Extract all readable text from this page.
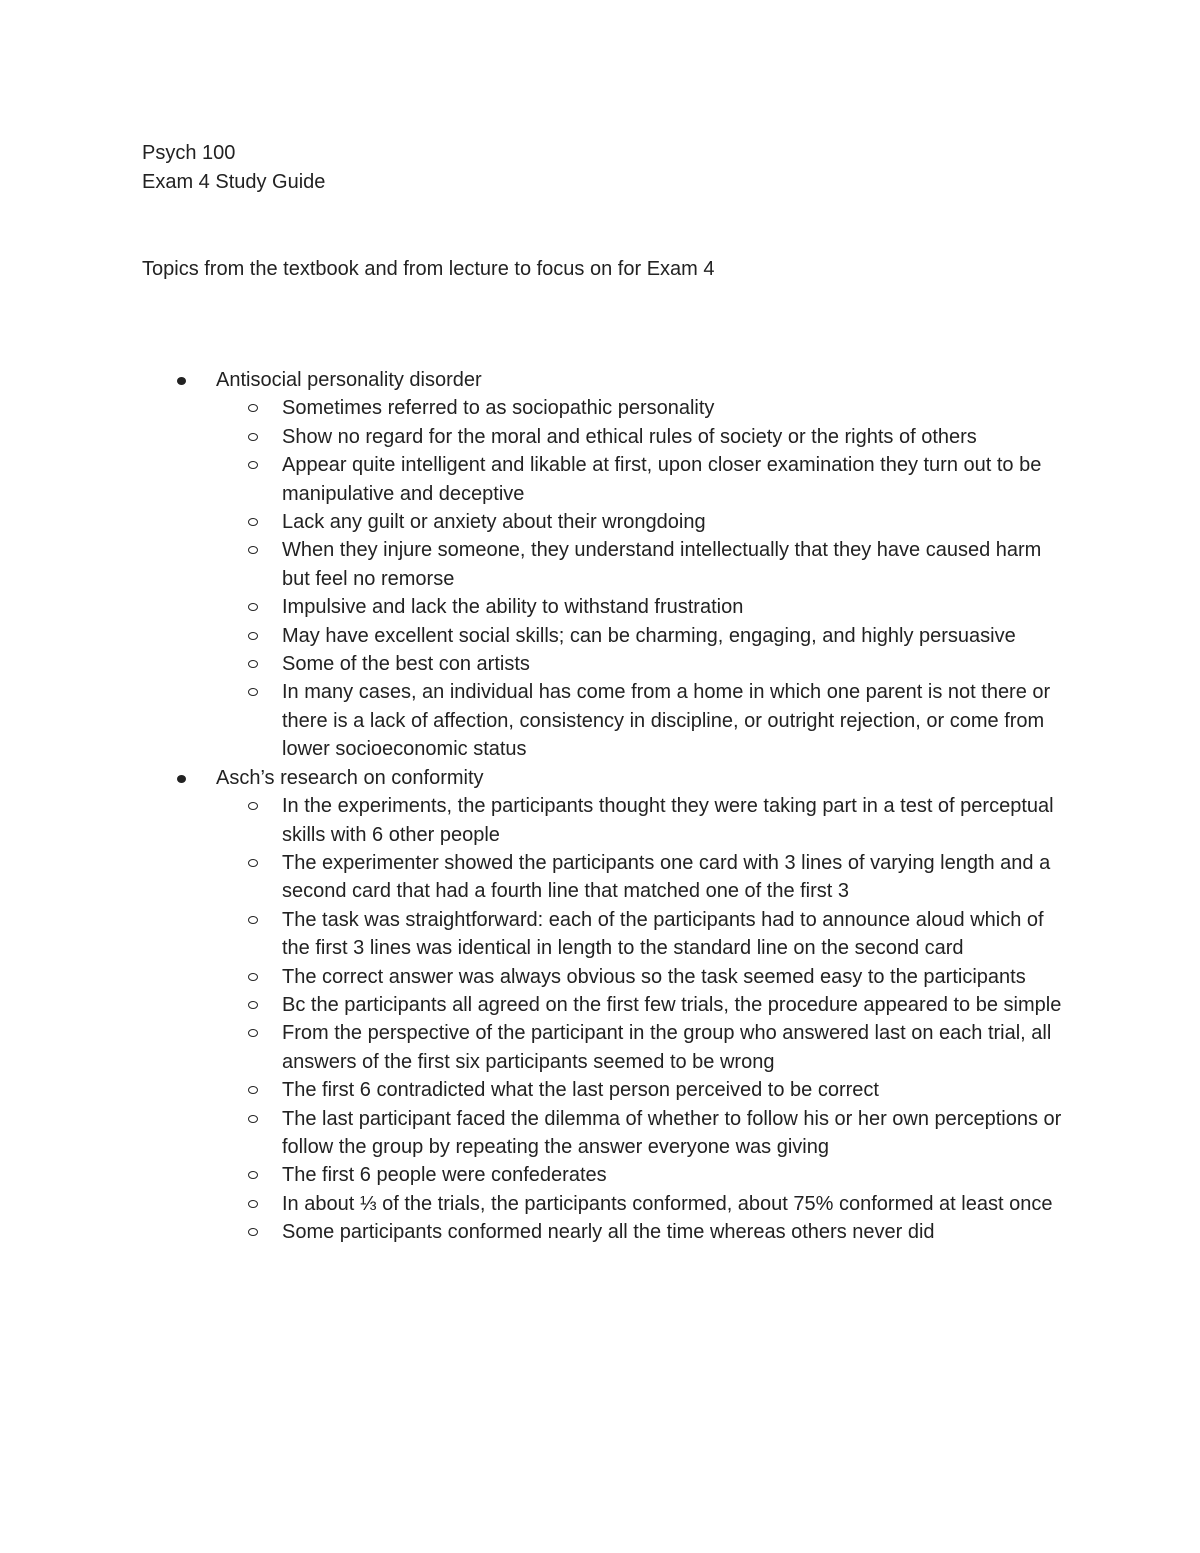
Psych 100
Exam 4 Study Guide
Topics from the textbook and from lecture to focus on for Exam 4
Antisocial personality disorder
Sometimes referred to as sociopathic personality
Show no regard for the moral and ethical rules of society or the rights of others
Appear quite intelligent and likable at first, upon closer examination they turn out to be manipulative and deceptive
Lack any guilt or anxiety about their wrongdoing
When they injure someone, they understand intellectually that they have caused harm but feel no remorse
Impulsive and lack the ability to withstand frustration
May have excellent social skills; can be charming, engaging, and highly persuasive
Some of the best con artists
In many cases, an individual has come from a home in which one parent is not there or there is a lack of affection, consistency in discipline, or outright rejection, or come from lower socioeconomic status
Asch’s research on conformity
In the experiments, the participants thought they were taking part in a test of perceptual skills with 6 other people
The experimenter showed the participants one card with 3 lines of varying length and a second card that had a fourth line that matched one of the first 3
The task was straightforward: each of the participants had to announce aloud which of the first 3 lines was identical in length to the standard line on the second card
The correct answer was always obvious so the task seemed easy to the participants
Bc the participants all agreed on the first few trials, the procedure appeared to be simple
From the perspective of the participant in the group who answered last on each trial, all answers of the first six participants seemed to be wrong
The first 6 contradicted what the last person perceived to be correct
The last participant faced the dilemma of whether to follow his or her own perceptions or follow the group by repeating the answer everyone was giving
The first 6 people were confederates
In about ⅓ of the trials, the participants conformed, about 75% conformed at least once
Some participants conformed nearly all the time whereas others never did
